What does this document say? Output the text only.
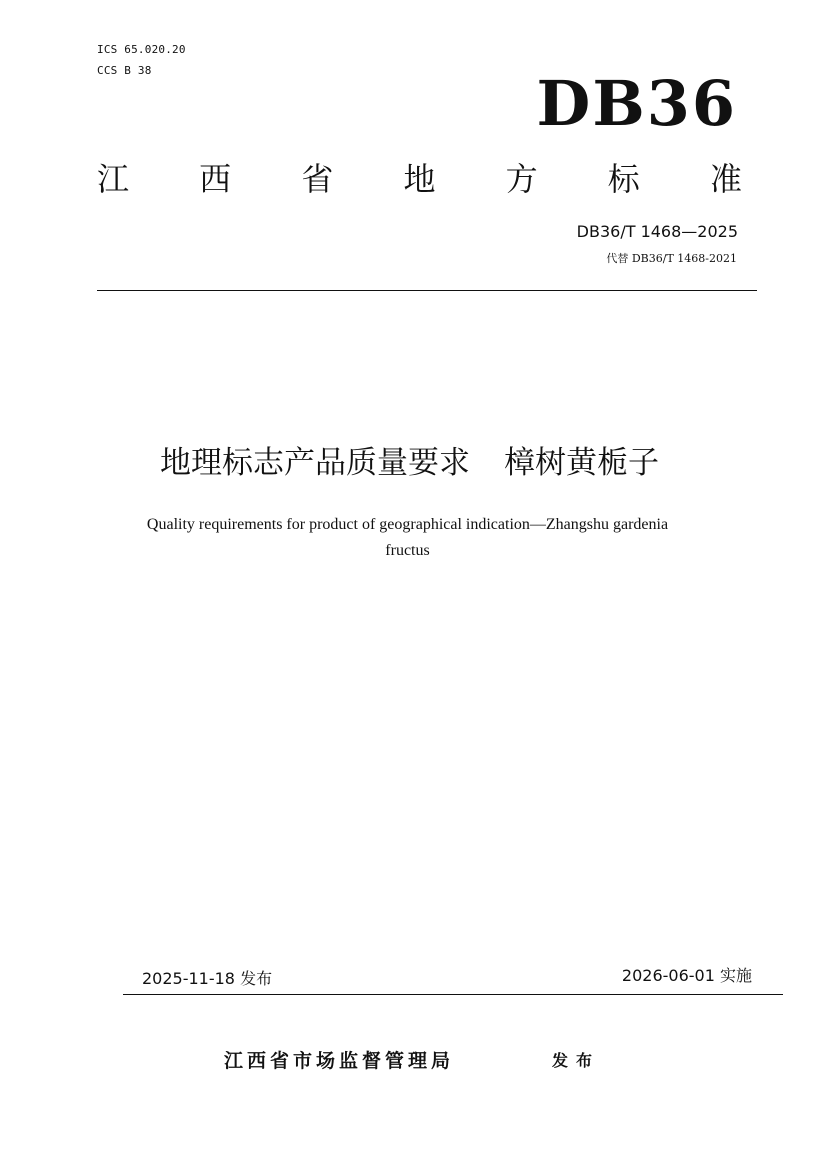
ICS 65.020.20
CCS B 38	DB36
江 西 省 地 方 标 准
DB36/T 1468—2025
代替 DB36/T 1468-2021
地理标志产品质量要求 樟树黄栀子
Quality requirements for product of geographical indication—Zhangshu gardenia
fructus
2025-11-18 发布	2026-06-01 实施
江西省市场监督管理局	发布
